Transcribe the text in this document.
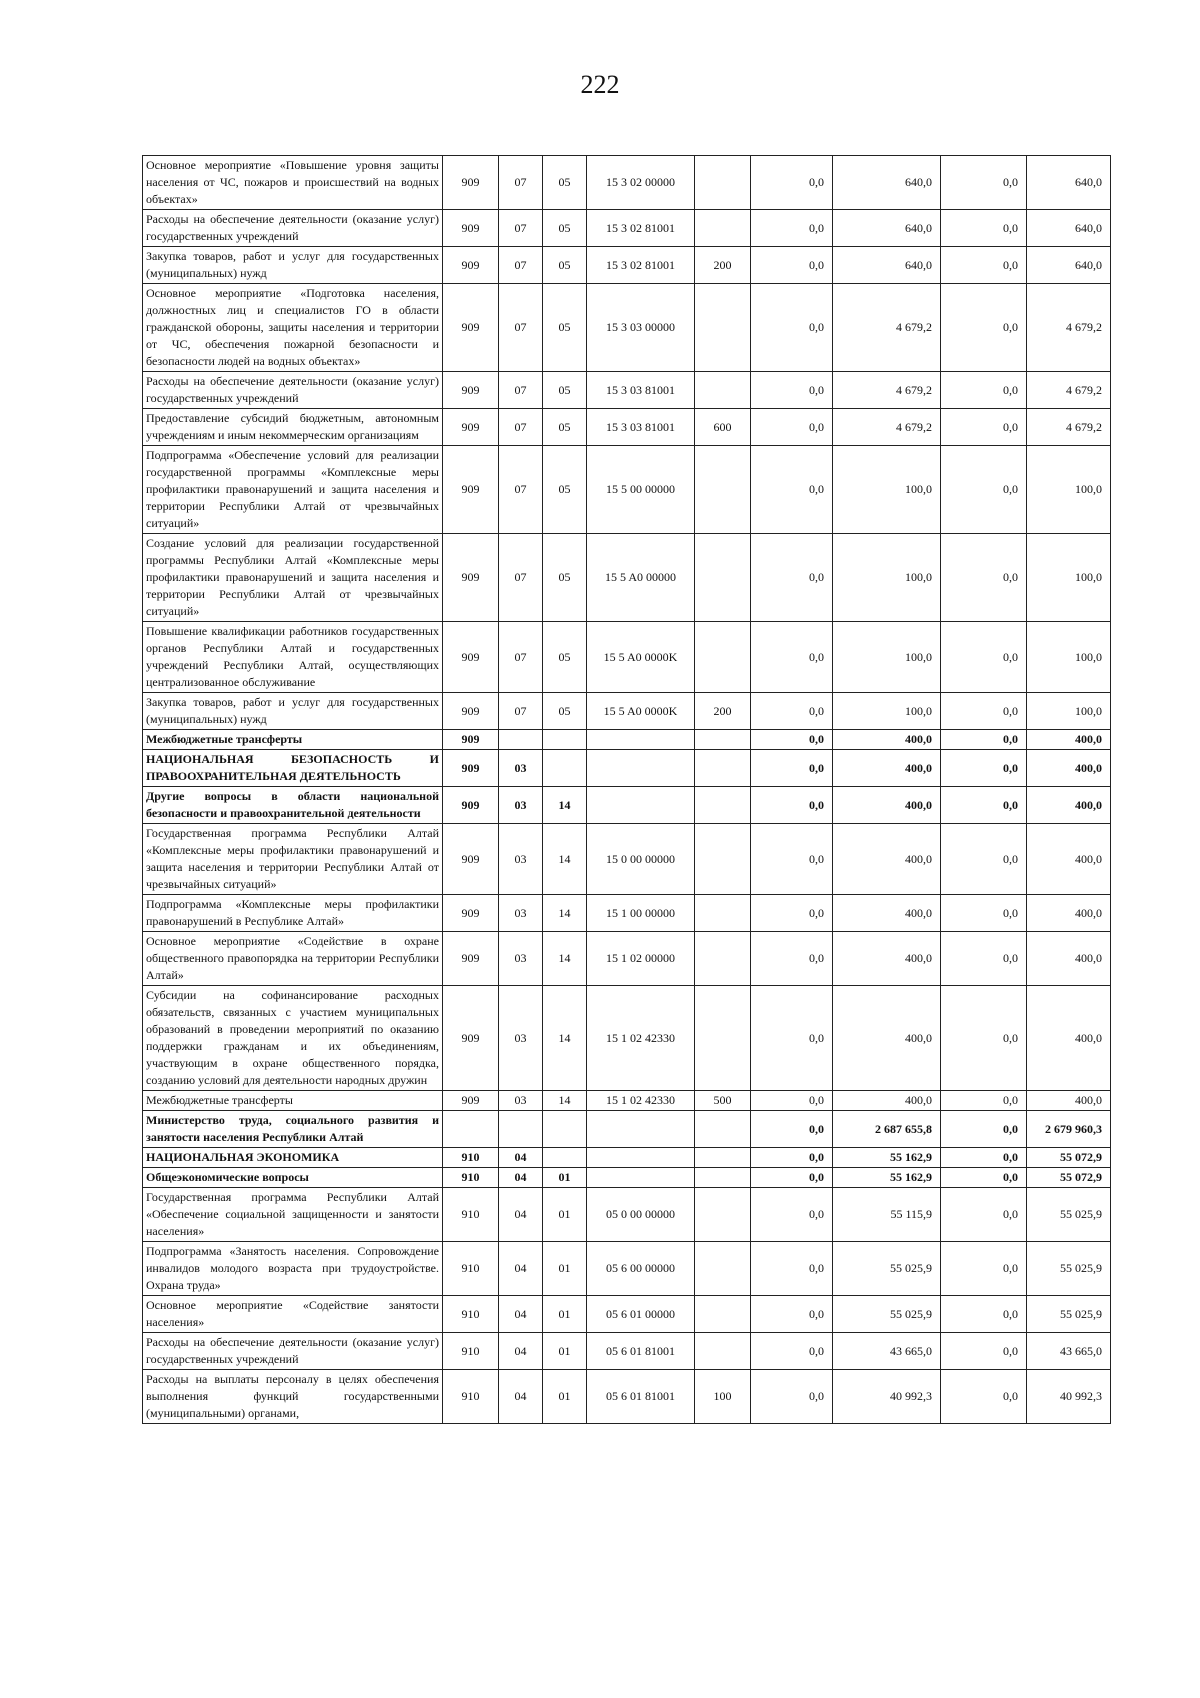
222
Основное мероприятие «Повышение уровня защиты населения от ЧС, пожаров и происшествий на водных объектах»	909	07	05	15 3 02 00000		0,0	640,0	0,0	640,0
Расходы на обеспечение деятельности (оказание услуг) государственных учреждений	909	07	05	15 3 02 81001		0,0	640,0	0,0	640,0
Закупка товаров, работ и услуг для государственных (муниципальных) нужд	909	07	05	15 3 02 81001	200	0,0	640,0	0,0	640,0
Основное мероприятие «Подготовка населения, должностных лиц и специалистов ГО в области гражданской обороны, защиты населения и территории от ЧС, обеспечения пожарной безопасности и безопасности людей на водных объектах»	909	07	05	15 3 03 00000		0,0	4 679,2	0,0	4 679,2
Расходы на обеспечение деятельности (оказание услуг) государственных учреждений	909	07	05	15 3 03 81001		0,0	4 679,2	0,0	4 679,2
Предоставление субсидий бюджетным, автономным учреждениям и иным некоммерческим организациям	909	07	05	15 3 03 81001	600	0,0	4 679,2	0,0	4 679,2
Подпрограмма «Обеспечение условий для реализации государственной программы «Комплексные меры профилактики правонарушений и защита населения и территории Республики Алтай от чрезвычайных ситуаций»	909	07	05	15 5 00 00000		0,0	100,0	0,0	100,0
Создание условий для реализации государственной программы Республики Алтай «Комплексные меры профилактики правонарушений и защита населения и территории Республики Алтай от чрезвычайных ситуаций»	909	07	05	15 5 A0 00000		0,0	100,0	0,0	100,0
Повышение квалификации работников государственных органов Республики Алтай и государственных учреждений Республики Алтай, осуществляющих централизованное обслуживание	909	07	05	15 5 A0 0000K		0,0	100,0	0,0	100,0
Закупка товаров, работ и услуг для государственных (муниципальных) нужд	909	07	05	15 5 A0 0000K	200	0,0	100,0	0,0	100,0
Межбюджетные трансферты	909					0,0	400,0	0,0	400,0
НАЦИОНАЛЬНАЯ БЕЗОПАСНОСТЬ И ПРАВООХРАНИТЕЛЬНАЯ ДЕЯТЕЛЬНОСТЬ	909	03				0,0	400,0	0,0	400,0
Другие вопросы в области национальной безопасности и правоохранительной деятельности	909	03	14			0,0	400,0	0,0	400,0
Государственная программа Республики Алтай «Комплексные меры профилактики правонарушений и защита населения и территории Республики Алтай от чрезвычайных ситуаций»	909	03	14	15 0 00 00000		0,0	400,0	0,0	400,0
Подпрограмма «Комплексные меры профилактики правонарушений в Республике Алтай»	909	03	14	15 1 00 00000		0,0	400,0	0,0	400,0
Основное мероприятие «Содействие в охране общественного правопорядка на территории Республики Алтай»	909	03	14	15 1 02 00000		0,0	400,0	0,0	400,0
Субсидии на софинансирование расходных обязательств, связанных с участием муниципальных образований в проведении мероприятий по оказанию поддержки гражданам и их объединениям, участвующим в охране общественного порядка, созданию условий для деятельности народных дружин	909	03	14	15 1 02 42330		0,0	400,0	0,0	400,0
Межбюджетные трансферты	909	03	14	15 1 02 42330	500	0,0	400,0	0,0	400,0
Министерство труда, социального развития и занятости населения Республики Алтай						0,0	2 687 655,8	0,0	2 679 960,3
НАЦИОНАЛЬНАЯ ЭКОНОМИКА	910	04				0,0	55 162,9	0,0	55 072,9
Общеэкономические вопросы	910	04	01			0,0	55 162,9	0,0	55 072,9
Государственная программа Республики Алтай «Обеспечение социальной защищенности и занятости населения»	910	04	01	05 0 00 00000		0,0	55 115,9	0,0	55 025,9
Подпрограмма «Занятость населения. Сопровождение инвалидов молодого возраста при трудоустройстве. Охрана труда»	910	04	01	05 6 00 00000		0,0	55 025,9	0,0	55 025,9
Основное мероприятие «Содействие занятости населения»	910	04	01	05 6 01 00000		0,0	55 025,9	0,0	55 025,9
Расходы на обеспечение деятельности (оказание услуг) государственных учреждений	910	04	01	05 6 01 81001		0,0	43 665,0	0,0	43 665,0
Расходы на выплаты персоналу в целях обеспечения выполнения функций государственными (муниципальными) органами,	910	04	01	05 6 01 81001	100	0,0	40 992,3	0,0	40 992,3
